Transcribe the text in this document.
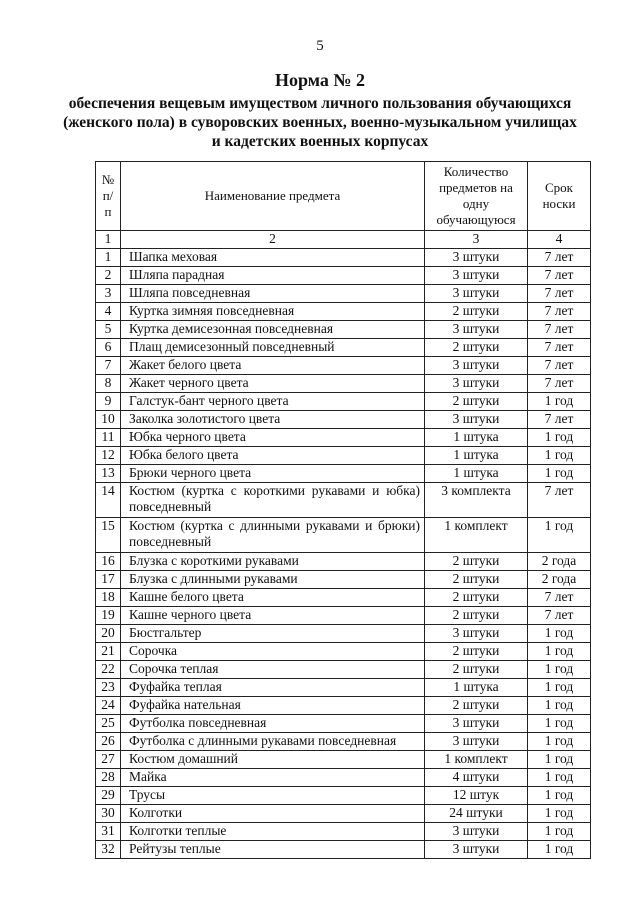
5
Норма № 2
обеспечения вещевым имуществом личного пользования обучающихся (женского пола) в суворовских военных, военно-музыкальном училищах и кадетских военных корпусах
№ п/п	Наименование предмета	Количество предметов на одну обучающуюся	Срок носки
1	2	3	4
1	Шапка меховая	3 штуки	7 лет
2	Шляпа парадная	3 штуки	7 лет
3	Шляпа повседневная	3 штуки	7 лет
4	Куртка зимняя повседневная	2 штуки	7 лет
5	Куртка демисезонная повседневная	3 штуки	7 лет
6	Плащ демисезонный повседневный	2 штуки	7 лет
7	Жакет белого цвета	3 штуки	7 лет
8	Жакет черного цвета	3 штуки	7 лет
9	Галстук-бант черного цвета	2 штуки	1 год
10	Заколка золотистого цвета	3 штуки	7 лет
11	Юбка черного цвета	1 штука	1 год
12	Юбка белого цвета	1 штука	1 год
13	Брюки черного цвета	1 штука	1 год
14	Костюм (куртка с короткими рукавами и юбка) повседневный	3 комплекта	7 лет
15	Костюм (куртка с длинными рукавами и брюки) повседневный	1 комплект	1 год
16	Блузка с короткими рукавами	2 штуки	2 года
17	Блузка с длинными рукавами	2 штуки	2 года
18	Кашне белого цвета	2 штуки	7 лет
19	Кашне черного цвета	2 штуки	7 лет
20	Бюстгальтер	3 штуки	1 год
21	Сорочка	2 штуки	1 год
22	Сорочка теплая	2 штуки	1 год
23	Фуфайка теплая	1 штука	1 год
24	Фуфайка нательная	2 штуки	1 год
25	Футболка повседневная	3 штуки	1 год
26	Футболка с длинными рукавами повседневная	3 штуки	1 год
27	Костюм домашний	1 комплект	1 год
28	Майка	4 штуки	1 год
29	Трусы	12 штук	1 год
30	Колготки	24 штуки	1 год
31	Колготки теплые	3 штуки	1 год
32	Рейтузы теплые	3 штуки	1 год
